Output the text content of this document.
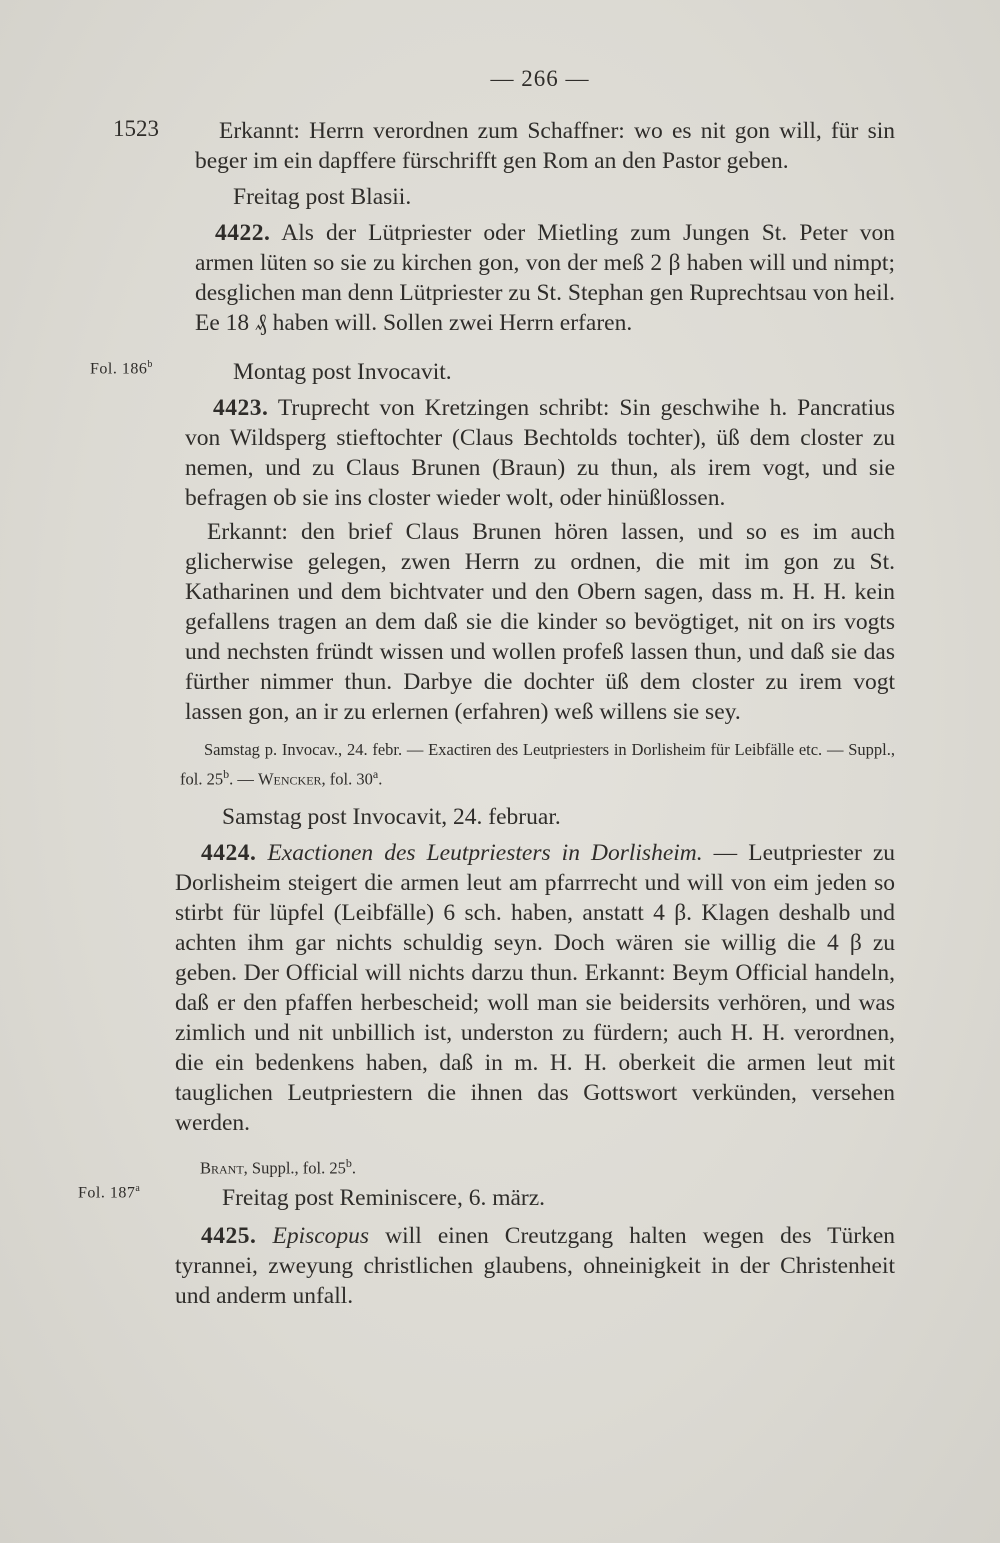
— 266 —
1523
Fol. 186$^b$
Fol. 187$^a$

Erkannt: Herrn verordnen zum Schaffner: wo es nit gon will, für sin beger im ein dapffere fürschrifft gen Rom an den Pastor geben.

Freitag post Blasii.

4422. Als der Lütpriester oder Mietling zum Jungen St. Peter von armen lüten so sie zu kirchen gon, von der meß 2 β haben will und nimpt; desglichen man denn Lütpriester zu St. Stephan gen Ruprechtsau von heil. Ee 18 ₰ haben will. Sollen zwei Herrn erfaren.

Montag post Invocavit.

4423. Truprecht von Kretzingen schribt: Sin geschwihe h. Pancratius von Wildsperg stieftochter (Claus Bechtolds tochter), üß dem closter zu nemen, und zu Claus Brunen (Braun) zu thun, als irem vogt, und sie befragen ob sie ins closter wieder wolt, oder hinüßlossen.

Erkannt: den brief Claus Brunen hören lassen, und so es im auch glicherwise gelegen, zwen Herrn zu ordnen, die mit im gon zu St. Katharinen und dem bichtvater und den Obern sagen, dass m. H. H. kein gefallens tragen an dem daß sie die kinder so bevögtiget, nit on irs vogts und nechsten fründt wissen und wollen profeß lassen thun, und daß sie das fürther nimmer thun. Darbye die dochter üß dem closter zu irem vogt lassen gon, an ir zu erlernen (erfahren) weß willens sie sey.

Samstag p. Invocav., 24. febr. — Exactiren des Leutpriesters in Dorlisheim für Leibfälle etc. — Suppl., fol. 25$^b$. — Wencker, fol. 30$^a$.

Samstag post Invocavit, 24. februar.

4424. Exactionen des Leutpriesters in Dorlisheim. — Leutpriester zu Dorlisheim steigert die armen leut am pfarrrecht und will von eim jeden so stirbt für lüpfel (Leibfälle) 6 sch. haben, anstatt 4 β. Klagen deshalb und achten ihm gar nichts schuldig seyn. Doch wären sie willig die 4 β zu geben. Der Official will nichts darzu thun. Erkannt: Beym Official handeln, daß er den pfaffen herbescheid; woll man sie beidersits verhören, und was zimlich und nit unbillich ist, underston zu fürdern; auch H. H. verordnen, die ein bedenkens haben, daß in m. H. H. oberkeit die armen leut mit tauglichen Leutpriestern die ihnen das Gottswort verkünden, versehen werden.

Brant, Suppl., fol. 25$^b$.

Freitag post Reminiscere, 6. märz.

4425. Episcopus will einen Creutzgang halten wegen des Türken tyrannei, zweyung christlichen glaubens, ohneinigkeit in der Christenheit und anderm unfall.
